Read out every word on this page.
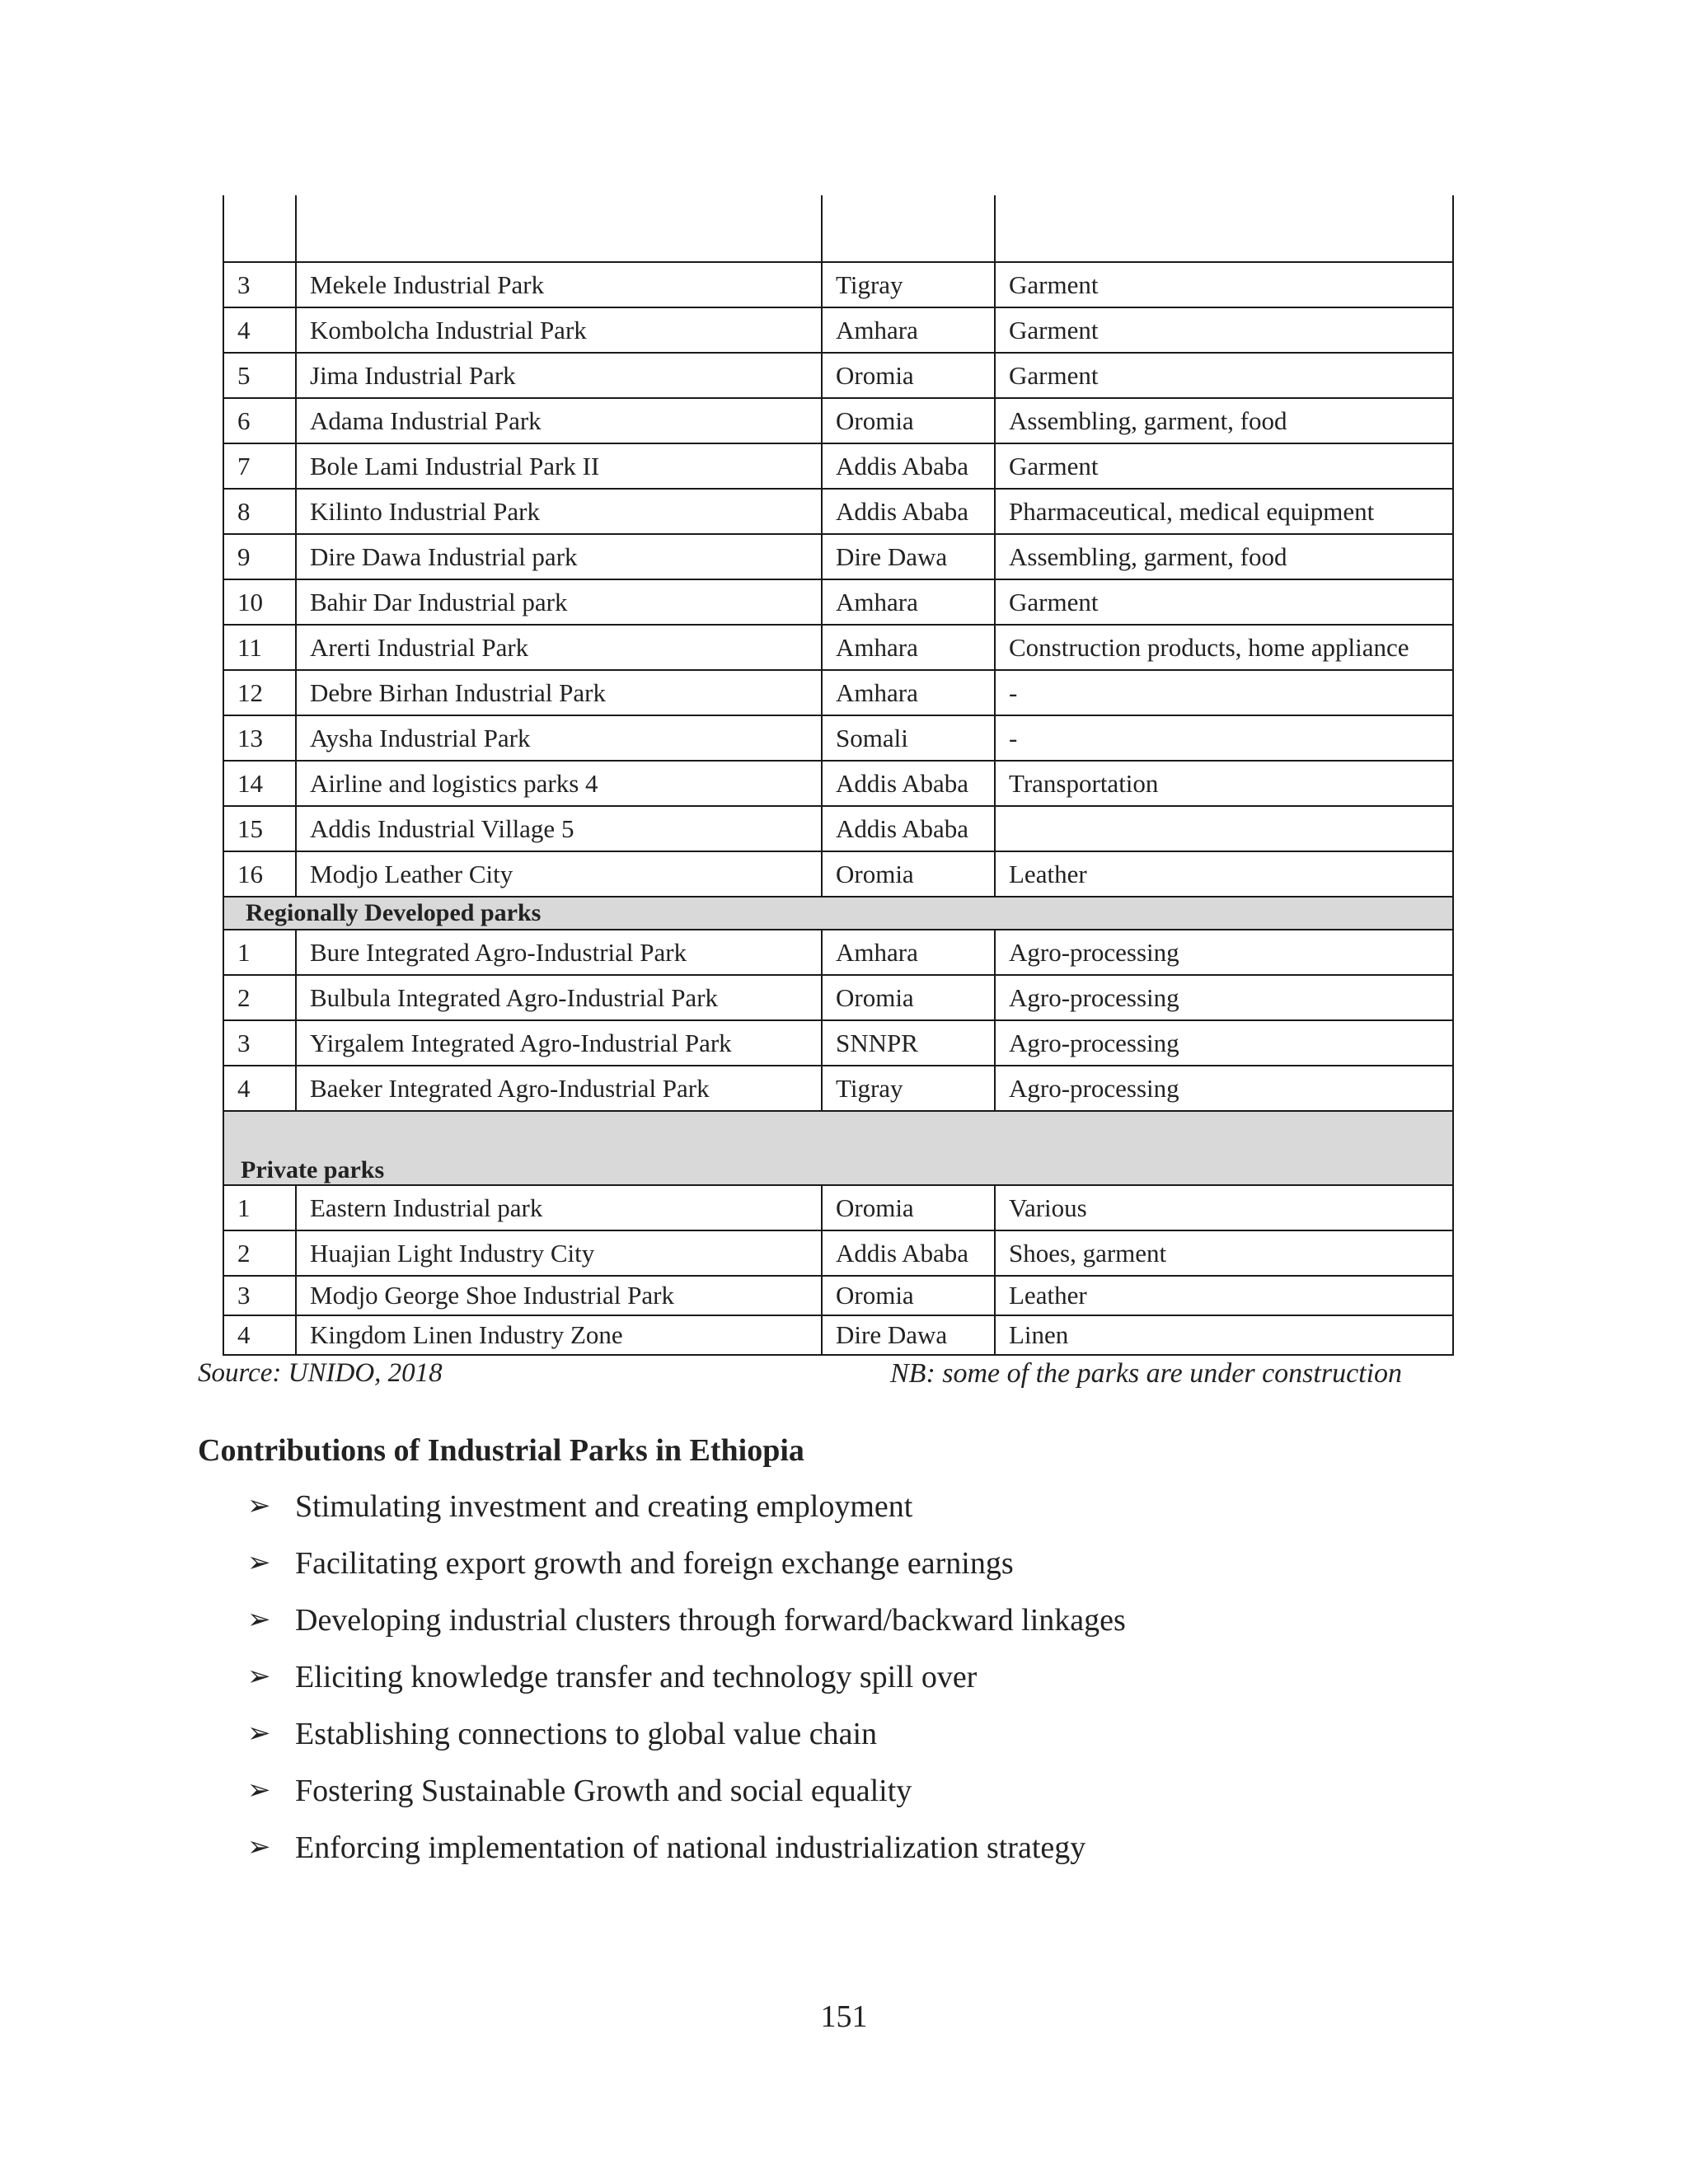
3	Mekele Industrial Park	Tigray	Garment
4	Kombolcha Industrial Park	Amhara	Garment
5	Jima Industrial Park	Oromia	Garment
6	Adama Industrial Park	Oromia	Assembling, garment, food
7	Bole Lami Industrial Park II	Addis Ababa	Garment
8	Kilinto Industrial Park	Addis Ababa	Pharmaceutical, medical equipment
9	Dire Dawa Industrial park	Dire Dawa	Assembling, garment, food
10	Bahir Dar Industrial park	Amhara	Garment
11	Arerti Industrial Park	Amhara	Construction products, home appliance
12	Debre Birhan Industrial Park	Amhara	-
13	Aysha Industrial Park	Somali	-
14	Airline and logistics parks 4	Addis Ababa	Transportation
15	Addis Industrial Village 5	Addis Ababa	
16	Modjo Leather City	Oromia	Leather
Regionally Developed parks			
1	Bure Integrated Agro-Industrial Park	Amhara	Agro-processing
2	Bulbula Integrated Agro-Industrial Park	Oromia	Agro-processing
3	Yirgalem Integrated Agro-Industrial Park	SNNPR	Agro-processing
4	Baeker Integrated Agro-Industrial Park	Tigray	Agro-processing
Private parks			
1	Eastern Industrial park	Oromia	Various
2	Huajian Light Industry City	Addis Ababa	Shoes, garment
3	Modjo George Shoe Industrial Park	Oromia	Leather
4	Kingdom Linen Industry Zone	Dire Dawa	Linen
Source: UNIDO, 2018	NB: some of the parks are under construction
Contributions of Industrial Parks in Ethiopia
➢ Stimulating investment and creating employment
➢ Facilitating export growth and foreign exchange earnings
➢ Developing industrial clusters through forward/backward linkages
➢ Eliciting knowledge transfer and technology spill over
➢ Establishing connections to global value chain
➢ Fostering Sustainable Growth and social equality
➢ Enforcing implementation of national industrialization strategy
151
